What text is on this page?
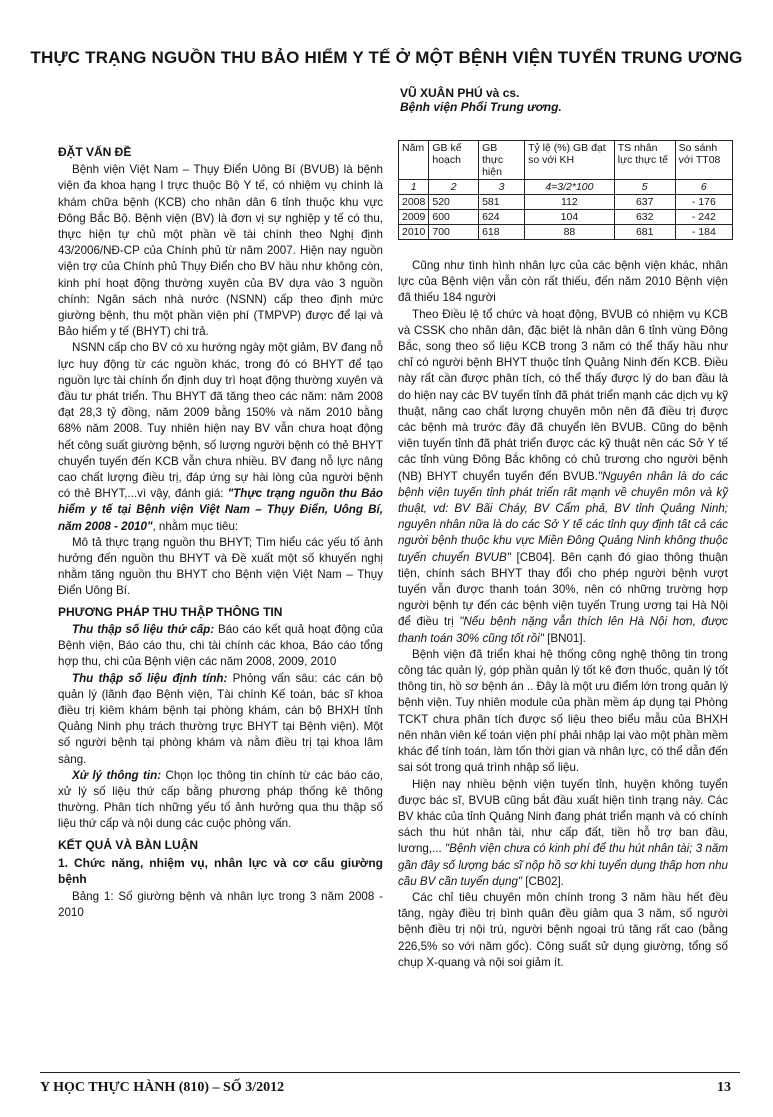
THỰC TRẠNG NGUỒN THU BẢO HIỂM Y TẾ Ở MỘT BỆNH VIỆN TUYẾN TRUNG ƯƠNG
VŨ XUÂN PHÚ và cs.
Bệnh viện Phổi Trung ương.
ĐẶT VẤN ĐỀ

Bệnh viện Việt Nam – Thụy Điển Uông Bí (BVUB) là bệnh viện đa khoa hạng I trực thuộc Bộ Y tế, có nhiệm vụ chính là khám chữa bệnh (KCB) cho nhân dân 6 tỉnh thuộc khu vực Đông Bắc Bộ. Bệnh viện (BV) là đơn vị sự nghiệp y tế có thu, thực hiện tự chủ một phần về tài chính theo Nghị định 43/2006/NĐ-CP của Chính phủ từ năm 2007. Hiện nay nguồn viện trợ của Chính phủ Thụy Điển cho BV hầu như không còn, kinh phí hoạt động thường xuyên của BV dựa vào 3 nguồn chính: Ngân sách nhà nước (NSNN) cấp theo định mức giường bệnh, thu một phần viện phí (TMPVP) được để lại và Bảo hiểm y tế (BHYT) chi trả.

NSNN cấp cho BV có xu hướng ngày một giảm, BV đang nỗ lực huy động từ các nguồn khác, trong đó có BHYT để tạo nguồn lực tài chính ổn định duy trì hoạt động thường xuyên và đầu tư phát triển. Thu BHYT đã tăng theo các năm: năm 2008 đạt 28,3 tỷ đồng, năm 2009 bằng 150% và năm 2010 bằng 68% năm 2008. Tuy nhiên hiện nay BV vẫn chưa hoạt động hết công suất giường bệnh, số lượng người bệnh có thẻ BHYT chuyển tuyến đến KCB vẫn chưa nhiều. BV đang nỗ lực nâng cao chất lượng điều trị, đáp ứng sự hài lòng của người bệnh có thẻ BHYT,...vì vậy, đánh giá: "Thực trạng nguồn thu Bảo hiểm y tế tại Bệnh viện Việt Nam – Thụy Điển, Uông Bí, năm 2008 - 2010", nhằm mục tiêu:

Mô tả thực trạng nguồn thu BHYT; Tìm hiểu các yếu tố ảnh hưởng đến nguồn thu BHYT và Đề xuất một số khuyến nghị nhằm tăng nguồn thu BHYT cho Bệnh viện Việt Nam – Thụy Điển Uông Bí.

PHƯƠNG PHÁP THU THẬP THÔNG TIN

Thu thập số liệu thứ cấp: Báo cáo kết quả hoạt động của Bệnh viện, Báo cáo thu, chi tài chính các khoa, Báo cáo tổng hợp thu, chi của Bệnh viện các năm 2008, 2009, 2010

Thu thập số liệu định tính: Phỏng vấn sâu: các cán bộ quản lý (lãnh đạo Bệnh viện, Tài chính Kế toán, bác sĩ khoa điều trị kiêm khám bệnh tại phòng khám, cán bộ BHXH tỉnh Quảng Ninh phụ trách thường trực BHYT tại Bệnh viện). Một số người bệnh tại phòng khám và nằm điều trị tại khoa lâm sàng.

Xử lý thông tin: Chọn lọc thông tin chính từ các báo cáo, xử lý số liệu thứ cấp bằng phương pháp thống kê thông thường. Phân tích những yếu tố ảnh hưởng qua thu thập số liệu thứ cấp và nội dung các cuộc phỏng vấn.

KẾT QUẢ VÀ BÀN LUẬN
1. Chức năng, nhiệm vụ, nhân lực và cơ cấu giường bệnh

Bảng 1: Số giường bệnh và nhân lực trong 3 năm 2008 - 2010

Năm	GB kế hoạch	GB thực hiện	Tỷ lệ (%) GB đạt so với KH	TS nhân lực thực tế	So sánh với TT08
1	2	3	4=3/2*100	5	6
2008	520	581	112	637	- 176
2009	600	624	104	632	- 242
2010	700	618	88	681	- 184

Cũng như tình hình nhân lực của các bệnh viện khác, nhân lực của Bệnh viện vẫn còn rất thiếu, đến năm 2010 Bệnh viện đã thiếu 184 người

Theo Điều lệ tổ chức và hoạt động, BVUB có nhiệm vụ KCB và CSSK cho nhân dân, đặc biệt là nhân dân 6 tỉnh vùng Đông Bắc, song theo số liệu KCB trong 3 năm có thể thấy hầu như chỉ có người bệnh BHYT thuộc tỉnh Quảng Ninh đến KCB. Điều này rất cần được phân tích, có thể thấy được lý do ban đầu là do hiện nay các BV tuyến tỉnh đã phát triển mạnh các dịch vụ kỹ thuật, nâng cao chất lượng chuyên môn nên đã điều trị được các bệnh mà trước đây đã chuyển lên BVUB. Cũng do bệnh viện tuyến tỉnh đã phát triển được các kỹ thuật nên các Sở Y tế các tỉnh vùng Đông Bắc không có chủ trương cho người bệnh (NB) BHYT chuyển tuyến đến BVUB."Nguyên nhân là do các bệnh viện tuyến tỉnh phát triển rất mạnh về chuyên môn và kỹ thuật, vd: BV Bãi Cháy, BV Cẩm phả, BV tỉnh Quảng Ninh; nguyên nhân nữa là do các Sở Y tế các tỉnh quy định tất cả các người bệnh thuộc khu vực Miền Đông Quảng Ninh không thuộc tuyến chuyển BVUB" [CB04]. Bên cạnh đó giao thông thuận tiện, chính sách BHYT thay đổi cho phép người bệnh vượt tuyến vẫn được thanh toán 30%, nên có những trường hợp người bệnh tự đến các bệnh viện tuyến Trung ương tại Hà Nội để điều trị "Nếu bệnh nặng vẫn thích lên Hà Nội hơn, được thanh toán 30% cũng tốt rồi" [BN01].

Bệnh viện đã triển khai hệ thống công nghệ thông tin trong công tác quản lý, góp phần quản lý tốt kê đơn thuốc, quản lý tốt thông tin, hồ sơ bệnh án .. Đây là một ưu điểm lớn trong quản lý bệnh viện. Tuy nhiên module của phần mềm áp dụng tại Phòng TCKT chưa phân tích được số liệu theo biểu mẫu của BHXH nên nhân viên kế toán viện phí phải nhập lại vào một phần mềm khác để tính toán, làm tốn thời gian và nhân lực, có thể dẫn đến sai sót trong quá trình nhập số liệu.

Hiện nay nhiều bệnh viện tuyến tỉnh, huyện không tuyển được bác sĩ, BVUB cũng bắt đầu xuất hiện tình trạng này. Các BV khác của tỉnh Quảng Ninh đang phát triển mạnh và có chính sách thu hút nhân tài, như cấp đất, tiền hỗ trợ ban đầu, lương,... "Bệnh viện chưa có kinh phí để thu hút nhân tài; 3 năm gần đây số lượng bác sĩ nộp hồ sơ khi tuyển dụng thấp hơn nhu cầu BV cần tuyển dụng" [CB02].

Các chỉ tiêu chuyên môn chính trong 3 năm hầu hết đều tăng, ngày điều trị bình quân đều giảm qua 3 năm, số người bệnh điều trị nội trú, người bệnh ngoại trú tăng rất cao (bằng 226,5% so với năm gốc). Công suất sử dụng giường, tổng số chụp X-quang và nội soi giảm ít.

Y HỌC THỰC HÀNH (810) – SỐ 3/2012	13
